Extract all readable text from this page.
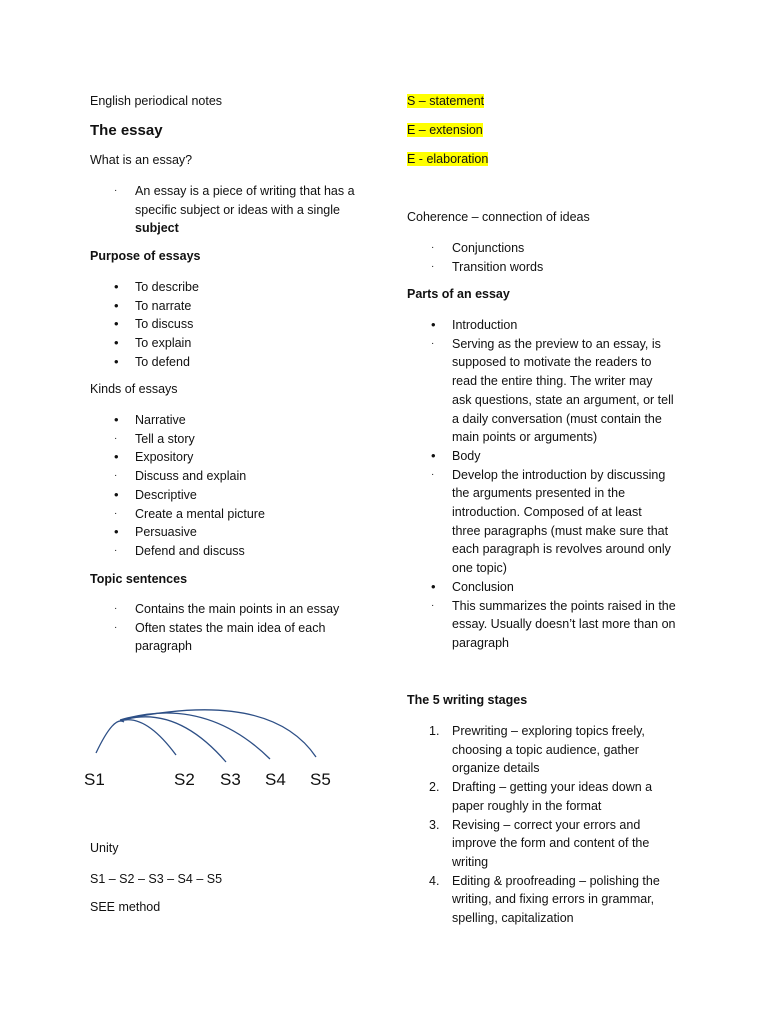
English periodical notes
The essay
What is an essay?
· An essay is a piece of writing that has a
specific subject or ideas with a single
subject
Purpose of essays
• To describe
• To narrate
• To discuss
• To explain
• To defend
Kinds of essays
• Narrative
· Tell a story
• Expository
· Discuss and explain
• Descriptive
· Create a mental picture
• Persuasive
· Defend and discuss
Topic sentences
· Contains the main points in an essay
· Often states the main idea of each
paragraph
S1	S2 S3 S4 S5
Unity
S1 – S2 – S3 – S4 – S5
SEE method
S – statement
E – extension
E - elaboration
Coherence – connection of ideas
· Conjunctions
· Transition words
Parts of an essay
• Introduction
· Serving as the preview to an essay, is
supposed to motivate the readers to
read the entire thing. The writer may
ask questions, state an argument, or tell
a daily conversation (must contain the
main points or arguments)
• Body
· Develop the introduction by discussing
the arguments presented in the
introduction. Composed of at least
three paragraphs (must make sure that
each paragraph is revolves around only
one topic)
• Conclusion
· This summarizes the points raised in the
essay. Usually doesn’t last more than on
paragraph
The 5 writing stages
1. Prewriting – exploring topics freely,
choosing a topic audience, gather
organize details
2. Drafting – getting your ideas down a
paper roughly in the format
3. Revising – correct your errors and
improve the form and content of the
writing
4. Editing & proofreading – polishing the
writing, and fixing errors in grammar,
spelling, capitalization
